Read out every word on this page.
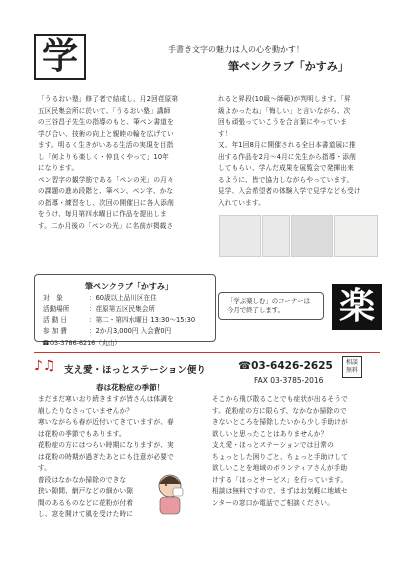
学	手書き文字の魅力は人の心を動かす！
筆ペンクラブ「かすみ」
「うるおい塾」修了者で結成し、月2回荏原第
五区民集会所に於いて、「うるおい塾」講師
の三谷昌子先生の指導のもと、筆ペン書道を
学び合い、技術の向上と親睦の輪を広げてい
ます。明るく生きがいある生活の実現を目指
し「何よりも楽しく・仲良くやって」10年
になります。
ペン習字の観学筋である「ペンの光」の月々
の課題の進め段階と、筆ペン、ペン字、かな
の指導・練習をし、次回の開催日に各人添削
をうけ、毎月第四水曜日に作品を提出しま
す。二か月後の「ペンの光」に名前が掲載さ
れると昇段(10級～師範)が判明します。「昇
級よかったね」「悔しい」と言いながら、次
回も頑張っていこうを合言葉にやっていま
す！
又、年1回8月に開催される全日本書道展に推
出する作品を2月～4月に先生から指導・添削
してもらい、学んだ成果を展覧会で発揮出来
るように、皆で協力しながらやっています。
見学、入会希望者の体験入学で見学なども受け
入れています。
筆ペンクラブ「かすみ」
対　象	：60歳以上品川区在住
活動場所	：荏原第五区民集会所
活 動 日	：第二・第四水曜日 13:30～15:30
参 加 費	：2か月3,000円 入会費0円
☎03-3786-6216（丸山）
「学ぶ楽しむ」のコーナーは
今月で終了します。	楽
♪♫ 支え愛・ほっとステーション便り	☎03-6426-2625
FAX 03-3785-2016
相談
無料
春は花粉症の季節！
まだまだ寒いおり続きますが皆さんは体調を
崩したりなさっていませんか？
寒いながらも春が近付いてきていますが、春
は花粉の季節でもあります。
花粉症の方にはつらい時期になりますが、実
は花粉の時期が過ぎたあとにも注意が必要で
す。
普段はなかなか掃除のできな
狭い隙間、網戸などの細かい隙
間のあるものなどに花粉が付着
し、窓を開けて風を受けた時に
そこから飛び散ることでも症状が出るそうで
す。花粉症の方に限らず、なかなか掃除ので
きないところを掃除したいから少し手助けが
欲しいと思ったことはありませんか？
支え愛・ほっとステーションでは日常の
ちょっとした困りごと、ちょっと手助けして
欲しいことを地域のボランティアさんが手助
けする「ほっとサービス」を行っています。
相談は無料ですので、まずはお気軽に地域セ
ンターの窓口か電話でご相談ください。
